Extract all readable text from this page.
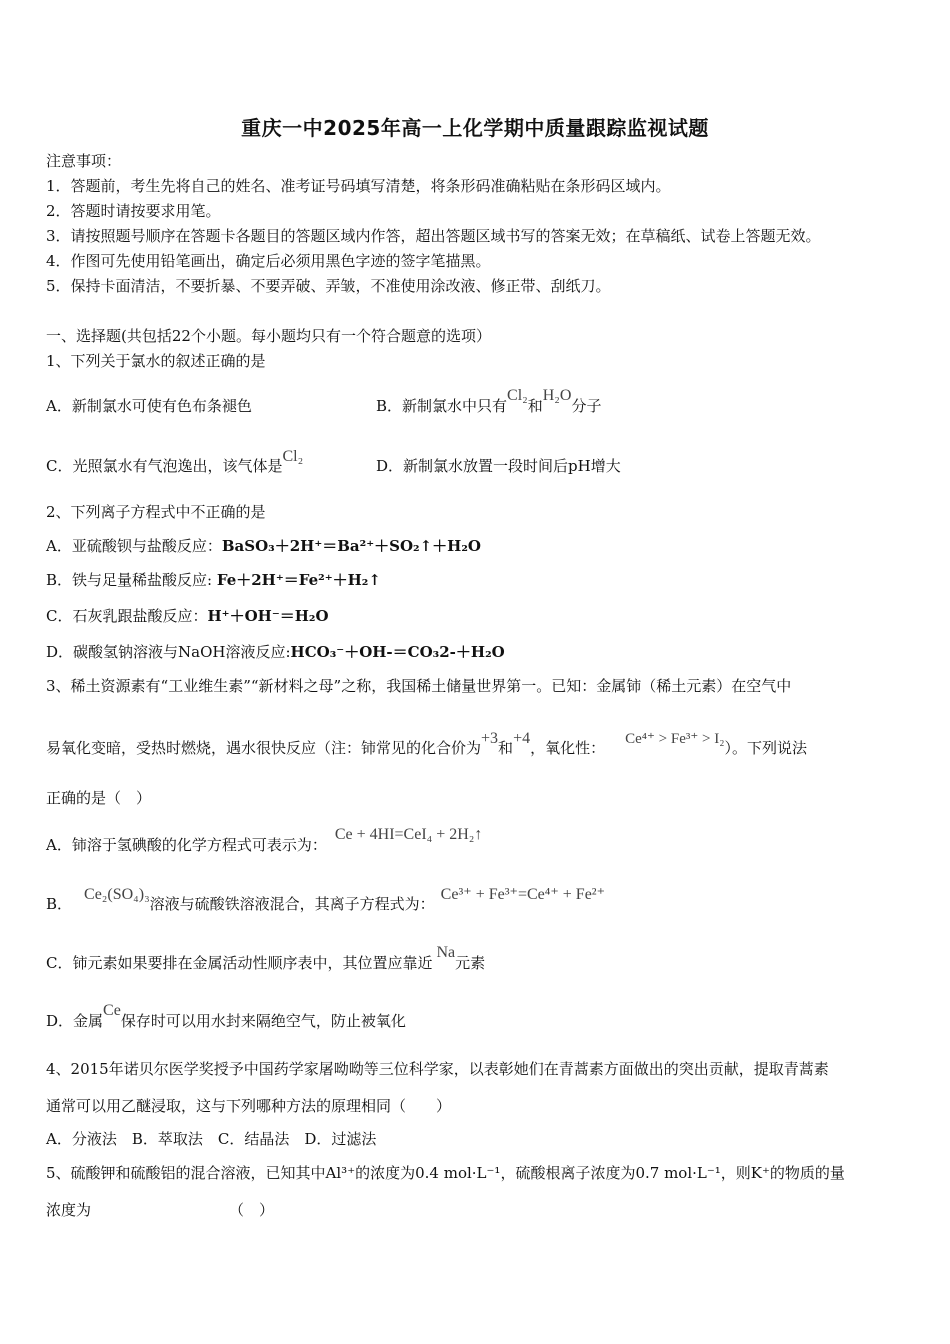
重庆一中2025年高一上化学期中质量跟踪监视试题
注意事项：
1．答题前，考生先将自己的姓名、准考证号码填写清楚，将条形码准确粘贴在条形码区域内。
2．答题时请按要求用笔。
3．请按照题号顺序在答题卡各题目的答题区域内作答，超出答题区域书写的答案无效；在草稿纸、试卷上答题无效。
4．作图可先使用铅笔画出，确定后必须用黑色字迹的签字笔描黑。
5．保持卡面清洁，不要折暴、不要弄破、弄皱，不准使用涂改液、修正带、刮纸刀。
一、选择题(共包括22个小题。每小题均只有一个符合题意的选项）
1、下列关于氯水的叙述正确的是
A．新制氯水可使有色布条褪色	B．新制氯水中只有Cl₂和H₂O分子
C．光照氯水有气泡逸出，该气体是Cl₂
D．新制氯水放置一段时间后pH增大
2、下列离子方程式中不正确的是
A．亚硫酸钡与盐酸反应：BaSO₃＋2H⁺＝Ba²⁺＋SO₂↑＋H₂O
B．铁与足量稀盐酸反应: Fe＋2H⁺＝Fe²⁺＋H₂↑
C．石灰乳跟盐酸反应：H⁺＋OH⁻＝H₂O
D．碳酸氢钠溶液与NaOH溶液反应:HCO₃⁻＋OH-＝CO₃2-＋H₂O
3、稀土资源素有“工业维生素”“新材料之母”之称，我国稀土储量世界第一。已知：金属铈（稀土元素）在空气中
易氧化变暗，受热时燃烧，遇水很快反应（注：铈常见的化合价为+3和+4，氧化性： Ce⁴⁺ > Fe³⁺ > I₂）。下列说法
正确的是（　）
A．铈溶于氢碘酸的化学方程式可表示为：Ce + 4HI=CeI₄ + 2H₂↑
B．Ce₂(SO₄)₃溶液与硫酸铁溶液混合，其离子方程式为：Ce³⁺ + Fe³⁺=Ce⁴⁺ + Fe²⁺
C．铈元素如果要排在金属活动性顺序表中，其位置应靠近Na元素
D．金属Ce保存时可以用水封来隔绝空气，防止被氧化
4、2015年诺贝尔医学奖授予中国药学家屠呦呦等三位科学家，以表彰她们在青蒿素方面做出的突出贡献，提取青蒿素
通常可以用乙醚浸取，这与下列哪种方法的原理相同（　　）
A．分液法　B．萃取法　C．结晶法　D．过滤法
5、硫酸钾和硫酸铝的混合溶液，已知其中Al³⁺的浓度为0.4 mol·L⁻¹，硫酸根离子浓度为0.7 mol·L⁻¹，则K⁺的物质的量
浓度为	（　）
